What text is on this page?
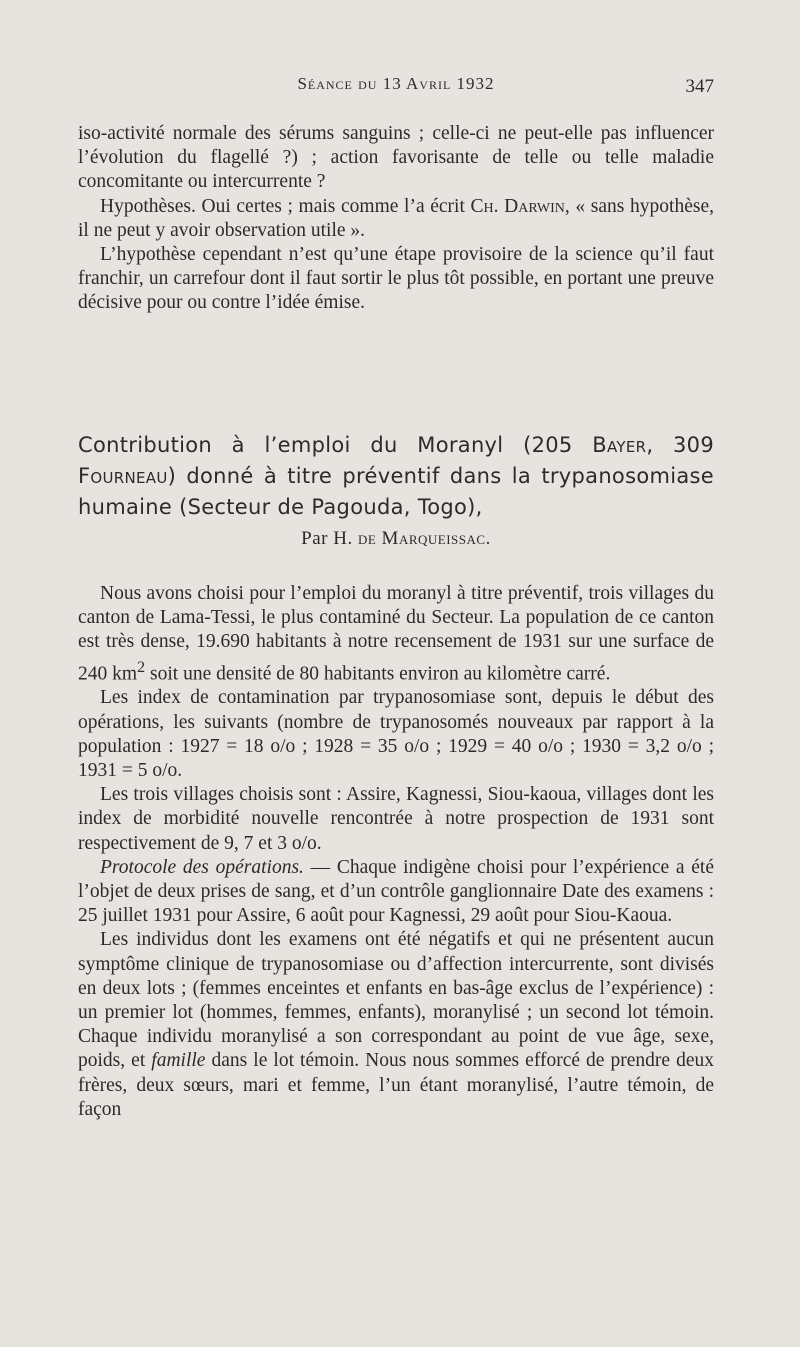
Séance du 13 Avril 1932	347

iso-activité normale des sérums sanguins ; celle-ci ne peut-elle pas influencer l’évolution du flagellé ?) ; action favorisante de telle ou telle maladie concomitante ou intercurrente ?

Hypothèses. Oui certes ; mais comme l’a écrit Ch. Darwin, « sans hypothèse, il ne peut y avoir observation utile ».

L’hypothèse cependant n’est qu’une étape provisoire de la science qu’il faut franchir, un carrefour dont il faut sortir le plus tôt possible, en portant une preuve décisive pour ou contre l’idée émise.

Contribution à l’emploi du Moranyl (205 Bayer, 309 Fourneau) donné à titre préventif dans la trypanosomiase humaine (Secteur de Pagouda, Togo),
Par H. de Marqueissac.

Nous avons choisi pour l’emploi du moranyl à titre préventif, trois villages du canton de Lama-Tessi, le plus contaminé du Secteur. La population de ce canton est très dense, 19.690 habitants à notre recensement de 1931 sur une surface de 240 $km^2$ soit une densité de 80 habitants environ au kilomètre carré.

Les index de contamination par trypanosomiase sont, depuis le début des opérations, les suivants (nombre de trypanosomés nouveaux par rapport à la population : 1927 = 18 o/o ; 1928 = 35 o/o ; 1929 = 40 o/o ; 1930 = 3,2 o/o ; 1931 = 5 o/o.

Les trois villages choisis sont : Assire, Kagnessi, Siou-kaoua, villages dont les index de morbidité nouvelle rencontrée à notre prospection de 1931 sont respectivement de 9, 7 et 3 o/o.

Protocole des opérations. — Chaque indigène choisi pour l’expérience a été l’objet de deux prises de sang, et d’un contrôle ganglionnaire Date des examens : 25 juillet 1931 pour Assire, 6 août pour Kagnessi, 29 août pour Siou-Kaoua.

Les individus dont les examens ont été négatifs et qui ne présentent aucun symptôme clinique de trypanosomiase ou d’affection intercurrente, sont divisés en deux lots ; (femmes enceintes et enfants en bas-âge exclus de l’expérience) : un premier lot (hommes, femmes, enfants), moranylisé ; un second lot témoin. Chaque individu moranylisé a son correspondant au point de vue âge, sexe, poids, et famille dans le lot témoin. Nous nous sommes efforcé de prendre deux frères, deux sœurs, mari et femme, l’un étant moranylisé, l’autre témoin, de façon
